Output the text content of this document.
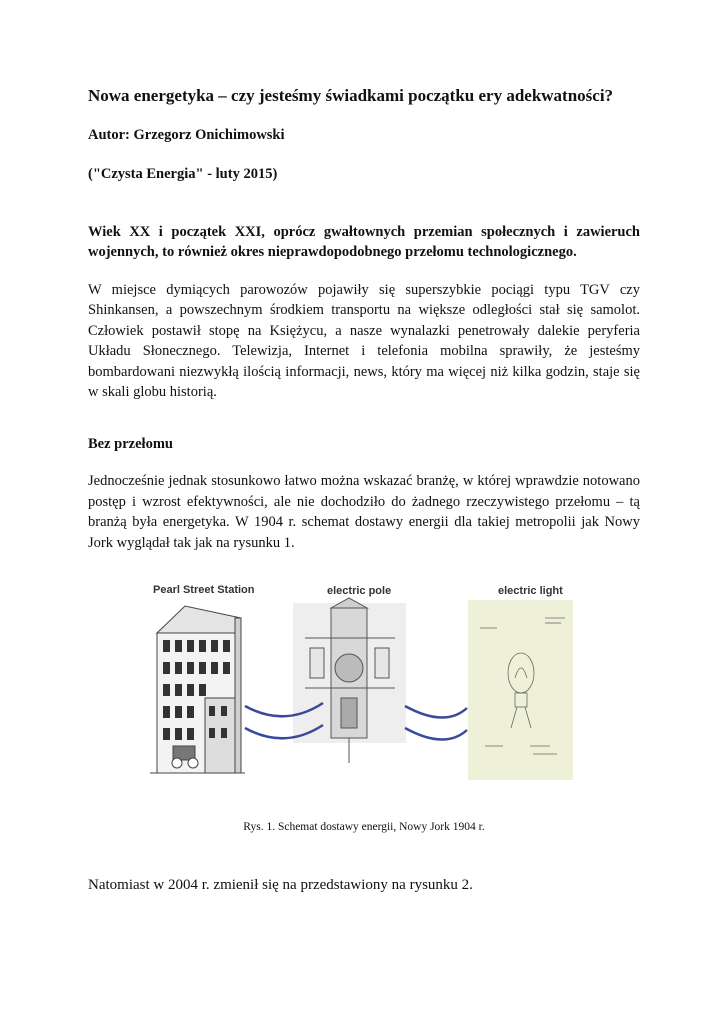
Nowa energetyka – czy jesteśmy świadkami początku ery adekwatności?

Autor: Grzegorz Onichimowski

("Czysta Energia" - luty 2015)

Wiek XX i początek XXI, oprócz gwałtownych przemian społecznych i zawieruch wojennych, to również okres nieprawdopodobnego przełomu technologicznego.

W miejsce dymiących parowozów pojawiły się superszybkie pociągi typu TGV czy Shinkansen, a powszechnym środkiem transportu na większe odległości stał się samolot. Człowiek postawił stopę na Księżycu, a nasze wynalazki penetrowały dalekie peryferia Układu Słonecznego. Telewizja, Internet i telefonia mobilna sprawiły, że jesteśmy bombardowani niezwykłą ilością informacji, news, który ma więcej niż kilka godzin, staje się w skali globu historią.

Bez przełomu

Jednocześnie jednak stosunkowo łatwo można wskazać branżę, w której wprawdzie notowano postęp i wzrost efektywności, ale nie dochodziło do żadnego rzeczywistego przełomu – tą branżą była energetyka. W 1904 r. schemat dostawy energii dla takiej metropolii jak Nowy Jork wyglądał tak jak na rysunku 1.

Pearl Street Station	electric pole	electric light

Rys. 1. Schemat dostawy energii, Nowy Jork 1904 r.

Natomiast w 2004 r. zmienił się na przedstawiony na rysunku 2.
